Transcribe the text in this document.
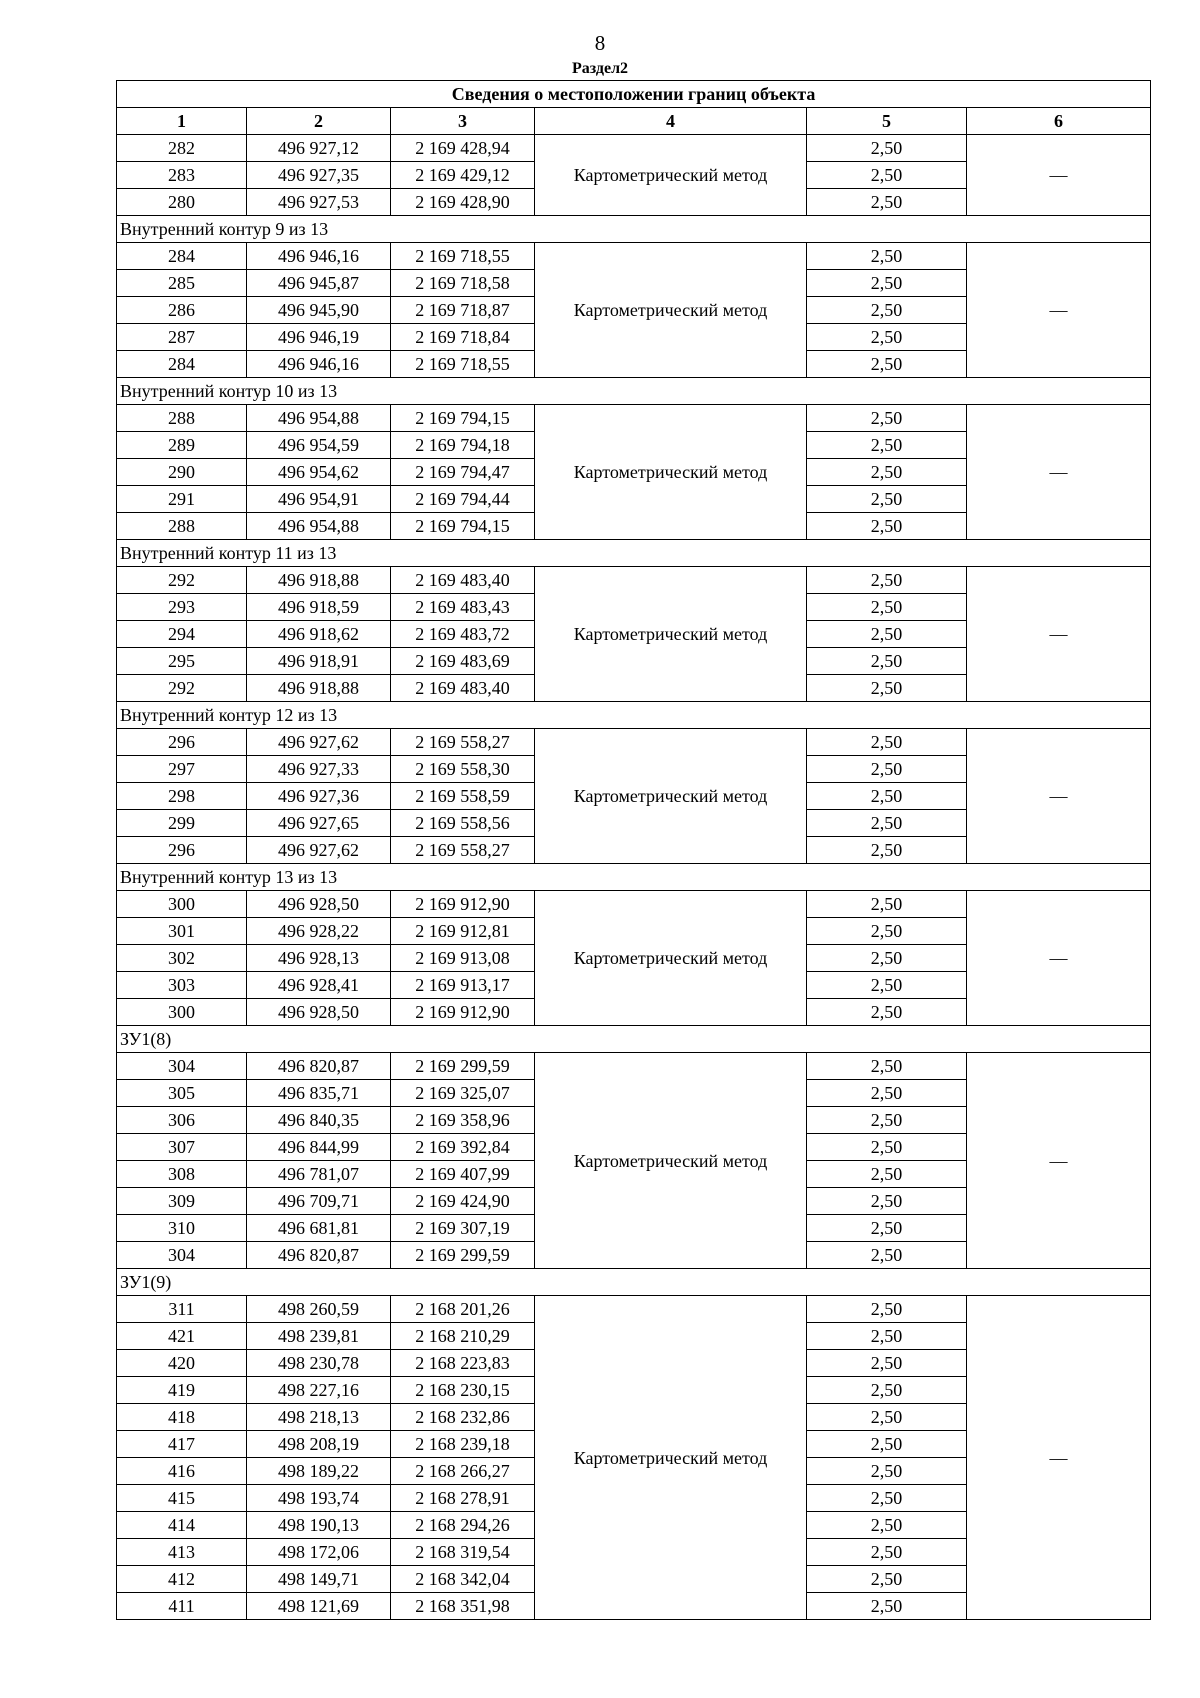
8
Раздел2
Сведения о местоположении границ объекта					
1	2	3	4	5	6
282	496 927,12	2 169 428,94	Картометрический метод	2,50	—
283	496 927,35	2 169 429,12		2,50	
280	496 927,53	2 169 428,90		2,50	
Внутренний контур 9 из 13					
284	496 946,16	2 169 718,55	Картометрический метод	2,50	—
285	496 945,87	2 169 718,58		2,50	
286	496 945,90	2 169 718,87		2,50	
287	496 946,19	2 169 718,84		2,50	
284	496 946,16	2 169 718,55		2,50	
Внутренний контур 10 из 13					
288	496 954,88	2 169 794,15	Картометрический метод	2,50	—
289	496 954,59	2 169 794,18		2,50	
290	496 954,62	2 169 794,47		2,50	
291	496 954,91	2 169 794,44		2,50	
288	496 954,88	2 169 794,15		2,50	
Внутренний контур 11 из 13					
292	496 918,88	2 169 483,40	Картометрический метод	2,50	—
293	496 918,59	2 169 483,43		2,50	
294	496 918,62	2 169 483,72		2,50	
295	496 918,91	2 169 483,69		2,50	
292	496 918,88	2 169 483,40		2,50	
Внутренний контур 12 из 13					
296	496 927,62	2 169 558,27	Картометрический метод	2,50	—
297	496 927,33	2 169 558,30		2,50	
298	496 927,36	2 169 558,59		2,50	
299	496 927,65	2 169 558,56		2,50	
296	496 927,62	2 169 558,27		2,50	
Внутренний контур 13 из 13					
300	496 928,50	2 169 912,90	Картометрический метод	2,50	—
301	496 928,22	2 169 912,81		2,50	
302	496 928,13	2 169 913,08		2,50	
303	496 928,41	2 169 913,17		2,50	
300	496 928,50	2 169 912,90		2,50	
ЗУ1(8)					
304	496 820,87	2 169 299,59	Картометрический метод	2,50	—
305	496 835,71	2 169 325,07		2,50	
306	496 840,35	2 169 358,96		2,50	
307	496 844,99	2 169 392,84		2,50	
308	496 781,07	2 169 407,99		2,50	
309	496 709,71	2 169 424,90		2,50	
310	496 681,81	2 169 307,19		2,50	
304	496 820,87	2 169 299,59		2,50	
ЗУ1(9)					
311	498 260,59	2 168 201,26	Картометрический метод	2,50	—
421	498 239,81	2 168 210,29		2,50	
420	498 230,78	2 168 223,83		2,50	
419	498 227,16	2 168 230,15		2,50	
418	498 218,13	2 168 232,86		2,50	
417	498 208,19	2 168 239,18		2,50	
416	498 189,22	2 168 266,27		2,50	
415	498 193,74	2 168 278,91		2,50	
414	498 190,13	2 168 294,26		2,50	
413	498 172,06	2 168 319,54		2,50	
412	498 149,71	2 168 342,04		2,50	
411	498 121,69	2 168 351,98		2,50	
